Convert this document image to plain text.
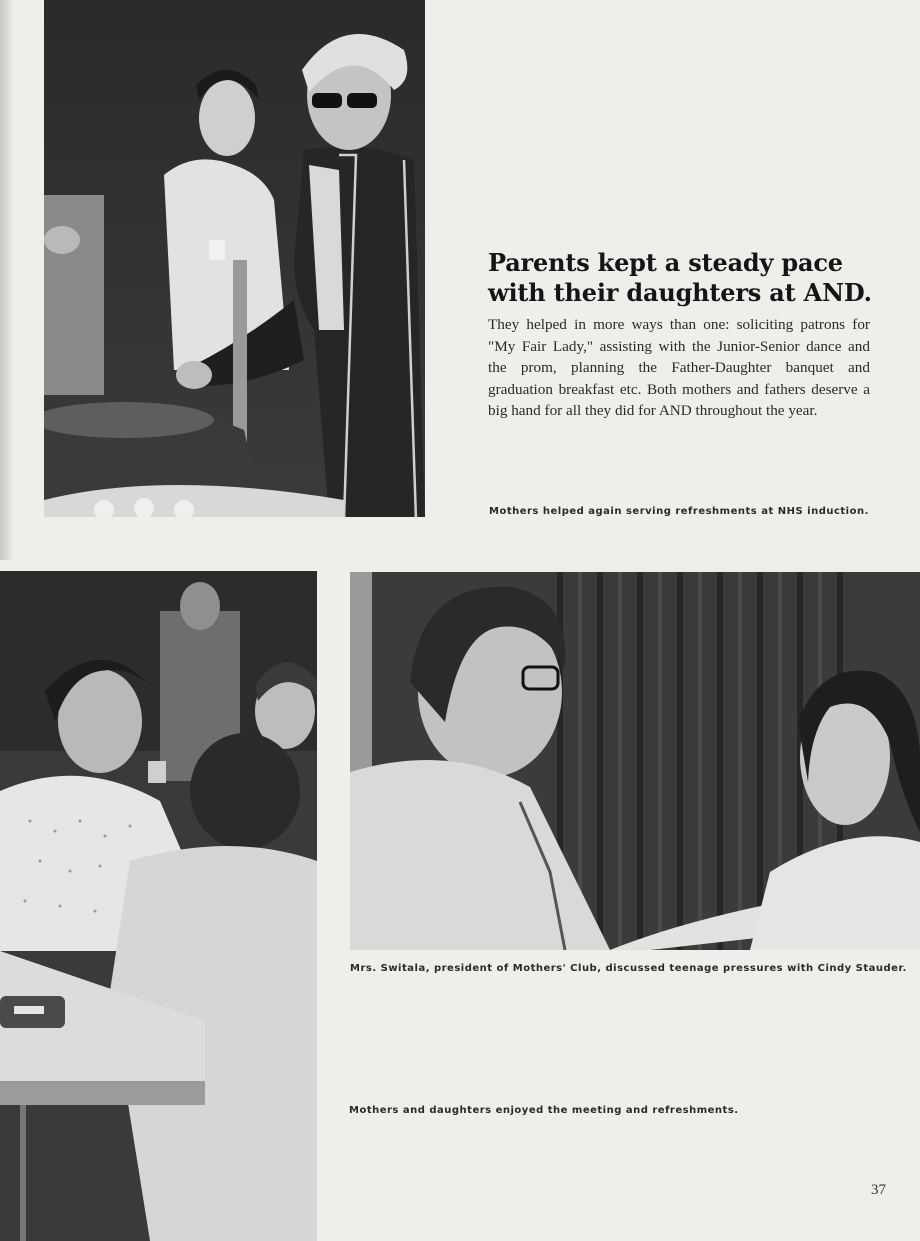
Parents kept a steady pace with their daughters at AND.

They helped in more ways than one: soliciting patrons for "My Fair Lady," assisting with the Junior-Senior dance and the prom, planning the Father-Daughter banquet and graduation breakfast etc. Both mothers and fathers deserve a big hand for all they did for AND throughout the year.

Mothers helped again serving refreshments at NHS induction.

Mrs. Switala, president of Mothers' Club, discussed teenage pressures with Cindy Stauder.

Mothers and daughters enjoyed the meeting and refreshments.

37
